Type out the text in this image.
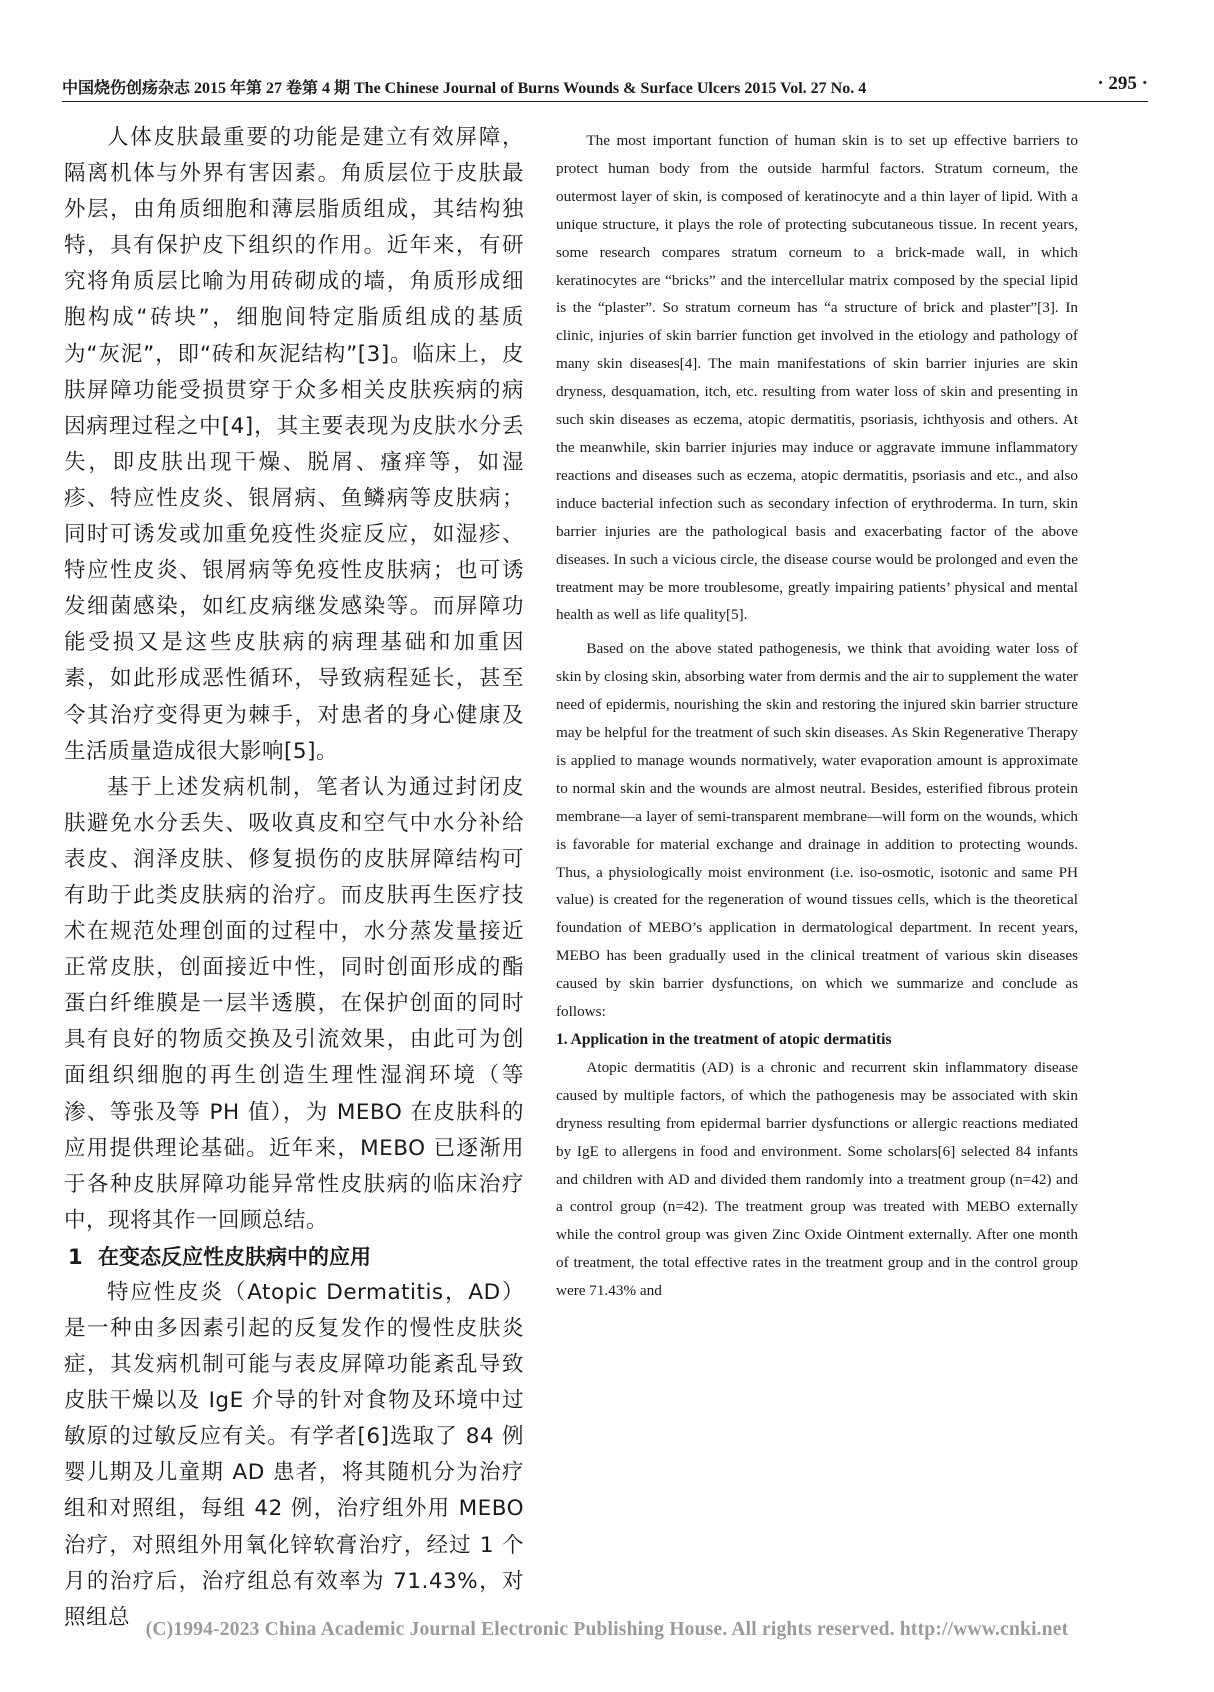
中国烧伤创疡杂志 2015 年第 27 卷第 4 期 The Chinese Journal of Burns Wounds & Surface Ulcers 2015 Vol. 27 No. 4	· 295 ·

人体皮肤最重要的功能是建立有效屏障，隔离机体与外界有害因素。角质层位于皮肤最外层，由角质细胞和薄层脂质组成，其结构独特，具有保护皮下组织的作用。近年来，有研究将角质层比喻为用砖砌成的墙，角质形成细胞构成“砖块”，细胞间特定脂质组成的基质为“灰泥”，即“砖和灰泥结构”[3]。临床上，皮肤屏障功能受损贯穿于众多相关皮肤疾病的病因病理过程之中[4]，其主要表现为皮肤水分丢失，即皮肤出现干燥、脱屑、瘙痒等，如湿疹、特应性皮炎、银屑病、鱼鳞病等皮肤病；同时可诱发或加重免疫性炎症反应，如湿疹、特应性皮炎、银屑病等免疫性皮肤病；也可诱发细菌感染，如红皮病继发感染等。而屏障功能受损又是这些皮肤病的病理基础和加重因素，如此形成恶性循环，导致病程延长，甚至令其治疗变得更为棘手，对患者的身心健康及生活质量造成很大影响[5]。

基于上述发病机制，笔者认为通过封闭皮肤避免水分丢失、吸收真皮和空气中水分补给表皮、润泽皮肤、修复损伤的皮肤屏障结构可有助于此类皮肤病的治疗。而皮肤再生医疗技术在规范处理创面的过程中，水分蒸发量接近正常皮肤，创面接近中性，同时创面形成的酯蛋白纤维膜是一层半透膜，在保护创面的同时具有良好的物质交换及引流效果，由此可为创面组织细胞的再生创造生理性湿润环境（等渗、等张及等 PH 值），为 MEBO 在皮肤科的应用提供理论基础。近年来，MEBO 已逐渐用于各种皮肤屏障功能异常性皮肤病的临床治疗中，现将其作一回顾总结。

1 在变态反应性皮肤病中的应用

特应性皮炎（Atopic Dermatitis，AD）是一种由多因素引起的反复发作的慢性皮肤炎症，其发病机制可能与表皮屏障功能紊乱导致皮肤干燥以及 IgE 介导的针对食物及环境中过敏原的过敏反应有关。有学者[6]选取了 84 例婴儿期及儿童期 AD 患者，将其随机分为治疗组和对照组，每组 42 例，治疗组外用 MEBO 治疗，对照组外用氧化锌软膏治疗，经过 1 个月的治疗后，治疗组总有效率为 71.43%，对照组总

The most important function of human skin is to set up effective barriers to protect human body from the outside harmful factors. Stratum corneum, the outermost layer of skin, is composed of keratinocyte and a thin layer of lipid. With a unique structure, it plays the role of protecting subcutaneous tissue. In recent years, some research compares stratum corneum to a brick-made wall, in which keratinocytes are “bricks” and the intercellular matrix composed by the special lipid is the “plaster”. So stratum corneum has “a structure of brick and plaster”[3]. In clinic, injuries of skin barrier function get involved in the etiology and pathology of many skin diseases[4]. The main manifestations of skin barrier injuries are skin dryness, desquamation, itch, etc. resulting from water loss of skin and presenting in such skin diseases as eczema, atopic dermatitis, psoriasis, ichthyosis and others. At the meanwhile, skin barrier injuries may induce or aggravate immune inflammatory reactions and diseases such as eczema, atopic dermatitis, psoriasis and etc., and also induce bacterial infection such as secondary infection of erythroderma. In turn, skin barrier injuries are the pathological basis and exacerbating factor of the above diseases. In such a vicious circle, the disease course would be prolonged and even the treatment may be more troublesome, greatly impairing patients’ physical and mental health as well as life quality[5].

Based on the above stated pathogenesis, we think that avoiding water loss of skin by closing skin, absorbing water from dermis and the air to supplement the water need of epidermis, nourishing the skin and restoring the injured skin barrier structure may be helpful for the treatment of such skin diseases. As Skin Regenerative Therapy is applied to manage wounds normatively, water evaporation amount is approximate to normal skin and the wounds are almost neutral. Besides, esterified fibrous protein membrane—a layer of semi-transparent membrane—will form on the wounds, which is favorable for material exchange and drainage in addition to protecting wounds. Thus, a physiologically moist environment (i.e. iso-osmotic, isotonic and same PH value) is created for the regeneration of wound tissues cells, which is the theoretical foundation of MEBO’s application in dermatological department. In recent years, MEBO has been gradually used in the clinical treatment of various skin diseases caused by skin barrier dysfunctions, on which we summarize and conclude as follows:

1. Application in the treatment of atopic dermatitis

Atopic dermatitis (AD) is a chronic and recurrent skin inflammatory disease caused by multiple factors, of which the pathogenesis may be associated with skin dryness resulting from epidermal barrier dysfunctions or allergic reactions mediated by IgE to allergens in food and environment. Some scholars[6] selected 84 infants and children with AD and divided them randomly into a treatment group (n=42) and a control group (n=42). The treatment group was treated with MEBO externally while the control group was given Zinc Oxide Ointment externally. After one month of treatment, the total effective rates in the treatment group and in the control group were 71.43% and

(C)1994-2023 China Academic Journal Electronic Publishing House. All rights reserved. http://www.cnki.net
